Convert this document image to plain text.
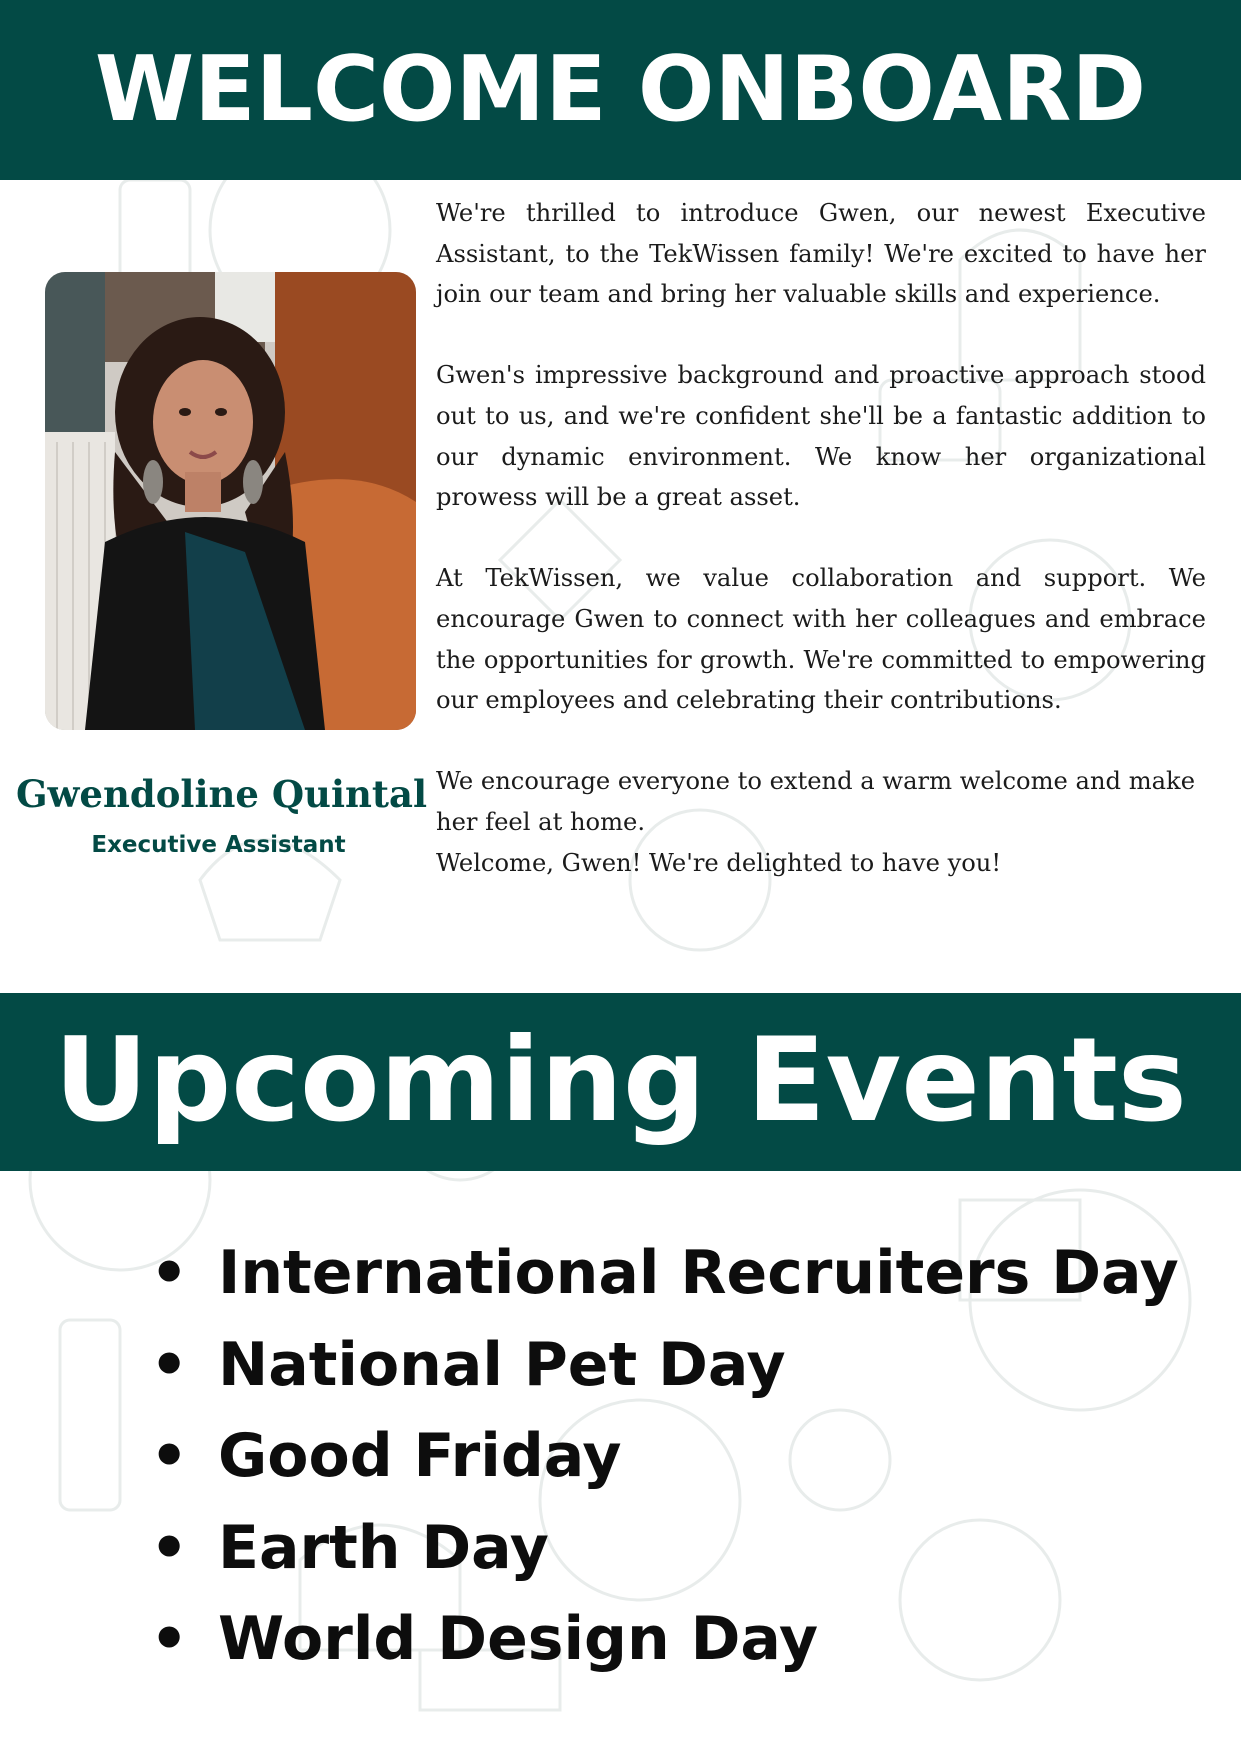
WELCOME ONBOARD
Gwendoline Quintal
Executive Assistant

We're thrilled to introduce Gwen, our newest Executive Assistant, to the TekWissen family! We're excited to have her join our team and bring her valuable skills and experience.

Gwen's impressive background and proactive approach stood out to us, and we're confident she'll be a fantastic addition to our dynamic environment. We know her organizational prowess will be a great asset.

At TekWissen, we value collaboration and support. We encourage Gwen to connect with her colleagues and embrace the opportunities for growth. We're committed to empowering our employees and celebrating their contributions.

We encourage everyone to extend a warm welcome and make her feel at home.

Welcome, Gwen! We're delighted to have you!

Upcoming Events
• International Recruiters Day
• National Pet Day
• Good Friday
• Earth Day
• World Design Day
